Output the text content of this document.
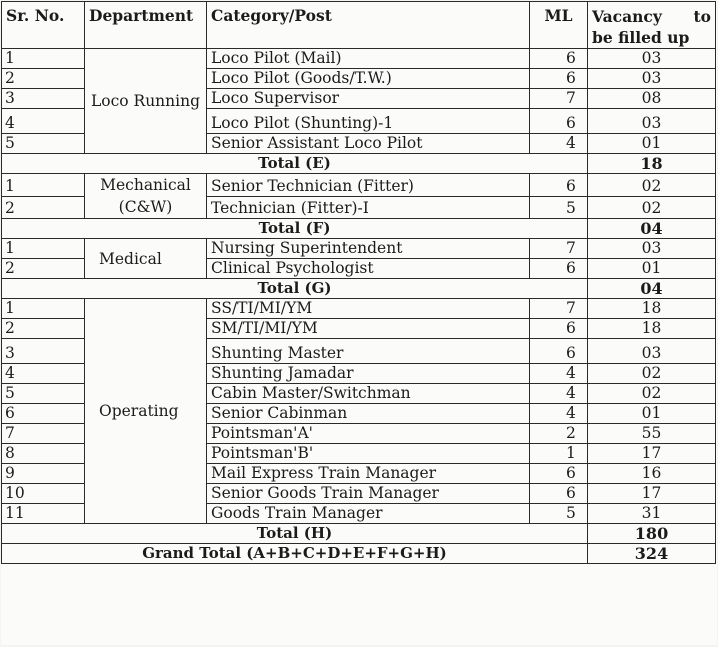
Sr. No.	Department	Category/Post	ML	Vacancy to
be filled up

1	Loco Running	Loco Pilot (Mail)	6	03
2		Loco Pilot (Goods/T.W.)	6	03
3		Loco Supervisor	7	08
4		Loco Pilot (Shunting)-1	6	03
5		Senior Assistant Loco Pilot	4	01
Total (E)				18
1	Mechanical (C&W)	Senior Technician (Fitter)	6	02
2		Technician (Fitter)-I	5	02
Total (F)				04
1	Medical	Nursing Superintendent	7	03
2		Clinical Psychologist	6	01
Total (G)				04
1	Operating	SS/TI/MI/YM	7	18
2		SM/TI/MI/YM	6	18
3		Shunting Master	6	03
4		Shunting Jamadar	4	02
5		Cabin Master/Switchman	4	02
6		Senior Cabinman	4	01
7		Pointsman'A'	2	55
8		Pointsman'B'	1	17
9		Mail Express Train Manager	6	16
10		Senior Goods Train Manager	6	17
11		Goods Train Manager	5	31
Total (H)				180
Grand Total (A+B+C+D+E+F+G+H)				324
